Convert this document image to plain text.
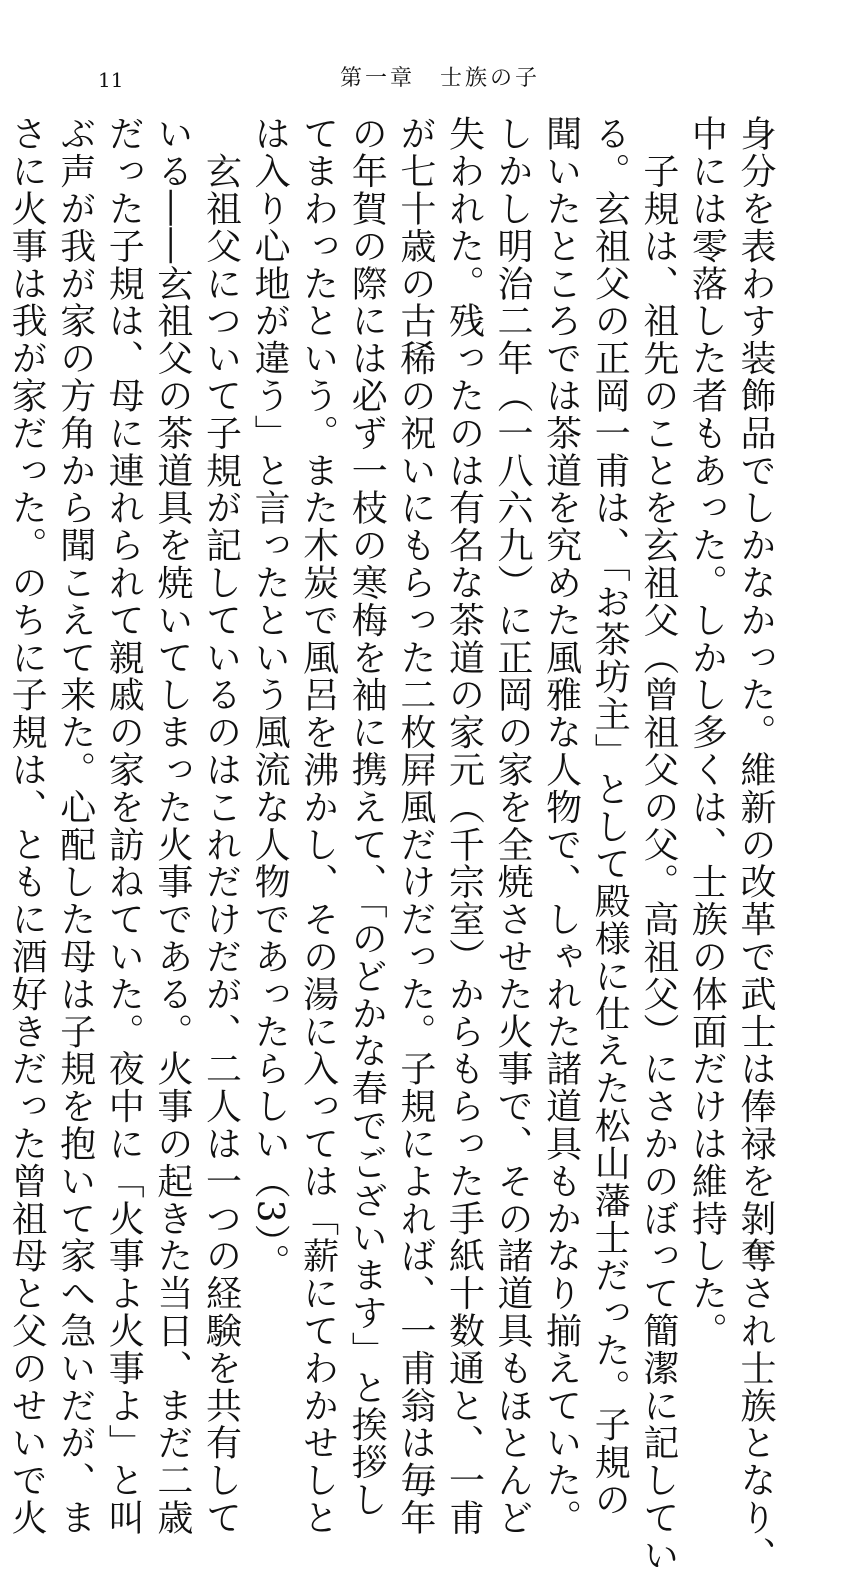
11	第一章　士族の子
身分を表わす装飾品でしかなかった。維新の改革で武士は俸禄を剝奪され士族となり、
中には零落した者もあった。しかし多くは、士族の体面だけは維持した。
子規は、祖先のことを玄祖父（曾祖父の父。高祖父）にさかのぼって簡潔に記してい
る。玄祖父の正岡一甫は、「お茶坊主」として殿様に仕えた松山藩士だった。子規の
聞いたところでは茶道を究めた風雅な人物で、しゃれた諸道具もかなり揃えていた。
しかし明治二年（一八六九）に正岡の家を全焼させた火事で、その諸道具もほとんど
失われた。残ったのは有名な茶道の家元（千宗室）からもらった手紙十数通と、一甫
が七十歳の古稀の祝いにもらった二枚屛風だけだった。子規によれば、一甫翁は毎年
の年賀の際には必ず一枝の寒梅を袖に携えて、「のどかな春でございます」と挨拶し
てまわったという。また木炭で風呂を沸かし、その湯に入っては「薪にてわかせしと
は入り心地が違う」と言ったという風流な人物であったらしい（3）。
玄祖父について子規が記しているのはこれだけだが、二人は一つの経験を共有して
いる――玄祖父の茶道具を焼いてしまった火事である。火事の起きた当日、まだ二歳
だった子規は、母に連れられて親戚の家を訪ねていた。夜中に「火事よ火事よ」と叫
ぶ声が我が家の方角から聞こえて来た。心配した母は子規を抱いて家へ急いだが、ま
さに火事は我が家だった。のちに子規は、ともに酒好きだった曾祖母と父のせいで火
